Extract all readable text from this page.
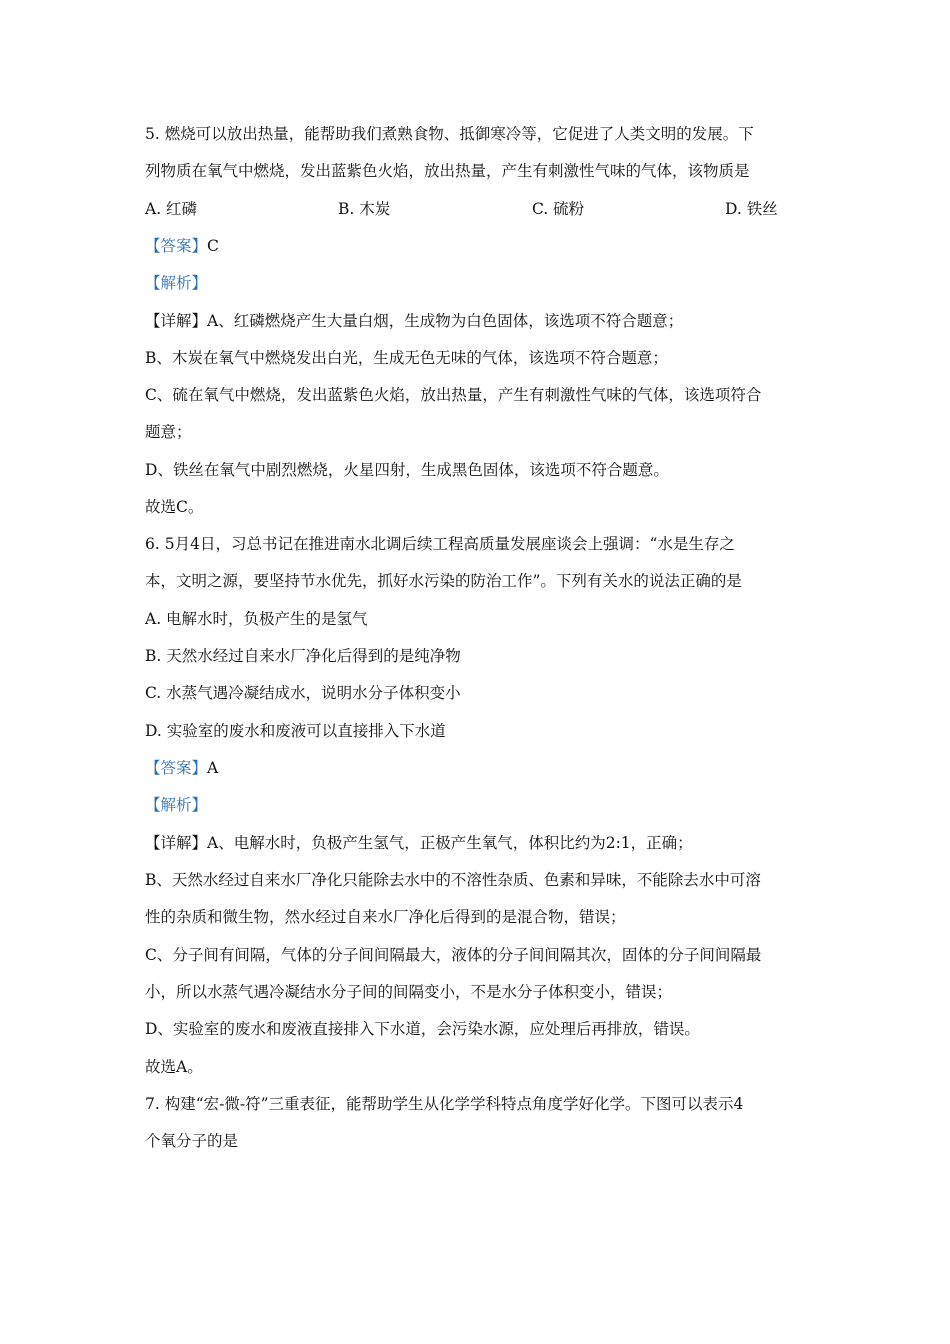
5. 燃烧可以放出热量，能帮助我们煮熟食物、抵御寒冷等，它促进了人类文明的发展。下
列物质在氧气中燃烧，发出蓝紫色火焰，放出热量，产生有刺激性气味的气体，该物质是
A. 红磷	B. 木炭	C. 硫粉	D. 铁丝
【答案】C
【解析】
【详解】A、红磷燃烧产生大量白烟，生成物为白色固体，该选项不符合题意；
B、木炭在氧气中燃烧发出白光，生成无色无味的气体，该选项不符合题意；
C、硫在氧气中燃烧，发出蓝紫色火焰，放出热量，产生有刺激性气味的气体，该选项符合
题意；
D、铁丝在氧气中剧烈燃烧，火星四射，生成黑色固体，该选项不符合题意。
故选C。
6. 5月4日，习总书记在推进南水北调后续工程高质量发展座谈会上强调：“水是生存之
本，文明之源，要坚持节水优先，抓好水污染的防治工作”。下列有关水的说法正确的是
A. 电解水时，负极产生的是氢气
B. 天然水经过自来水厂净化后得到的是纯净物
C. 水蒸气遇冷凝结成水，说明水分子体积变小
D. 实验室的废水和废液可以直接排入下水道
【答案】A
【解析】
【详解】A、电解水时，负极产生氢气，正极产生氧气，体积比约为2:1，正确；
B、天然水经过自来水厂净化只能除去水中的不溶性杂质、色素和异味，不能除去水中可溶
性的杂质和微生物，然水经过自来水厂净化后得到的是混合物，错误；
C、分子间有间隔，气体的分子间间隔最大，液体的分子间间隔其次，固体的分子间间隔最
小，所以水蒸气遇冷凝结水分子间的间隔变小，不是水分子体积变小，错误；
D、实验室的废水和废液直接排入下水道，会污染水源，应处理后再排放，错误。
故选A。
7. 构建“宏-微-符”三重表征，能帮助学生从化学学科特点角度学好化学。下图可以表示4
个氧分子的是
